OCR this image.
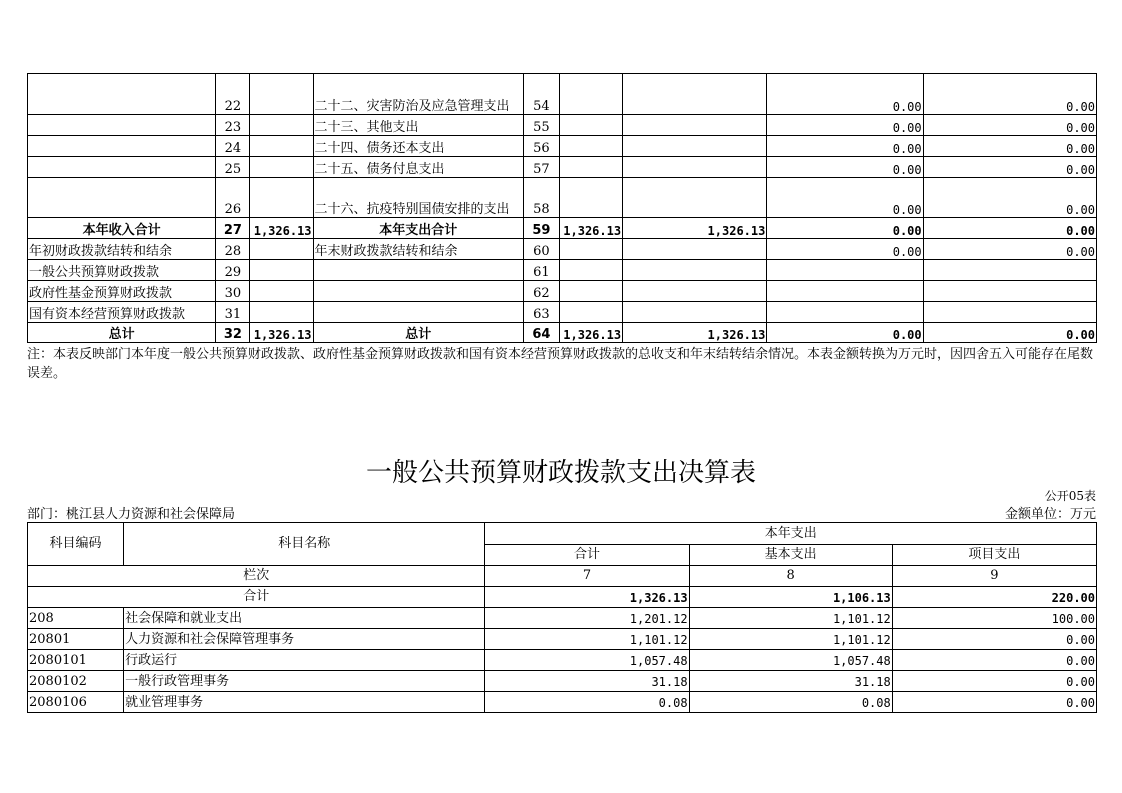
	22		二十二、灾害防治及应急管理支出	54			0.00	0.00
	23		二十三、其他支出	55			0.00	0.00
	24		二十四、债务还本支出	56			0.00	0.00
	25		二十五、债务付息支出	57			0.00	0.00
	26		二十六、抗疫特别国债安排的支出	58			0.00	0.00
本年收入合计	27	1,326.13	本年支出合计	59	1,326.13	1,326.13	0.00	0.00
年初财政拨款结转和结余	28		年末财政拨款结转和结余	60			0.00	0.00
一般公共预算财政拨款	29			61				
政府性基金预算财政拨款	30			62				
国有资本经营预算财政拨款	31			63				
总计	32	1,326.13	总计	64	1,326.13	1,326.13	0.00	0.00
注：本表反映部门本年度一般公共预算财政拨款、政府性基金预算财政拨款和国有资本经营预算财政拨款的总收支和年末结转结余情况。本表金额转换为万元时，因四舍五入可能存在尾数误差。
一般公共预算财政拨款支出决算表
公开05表
部门：桃江县人力资源和社会保障局	金额单位：万元
科目编码	科目名称	本年支出		
		合计	基本支出	项目支出
栏次		7	8	9
合计		1,326.13	1,106.13	220.00
208	社会保障和就业支出	1,201.12	1,101.12	100.00
20801	人力资源和社会保障管理事务	1,101.12	1,101.12	0.00
2080101	行政运行	1,057.48	1,057.48	0.00
2080102	一般行政管理事务	31.18	31.18	0.00
2080106	就业管理事务	0.08	0.08	0.00
